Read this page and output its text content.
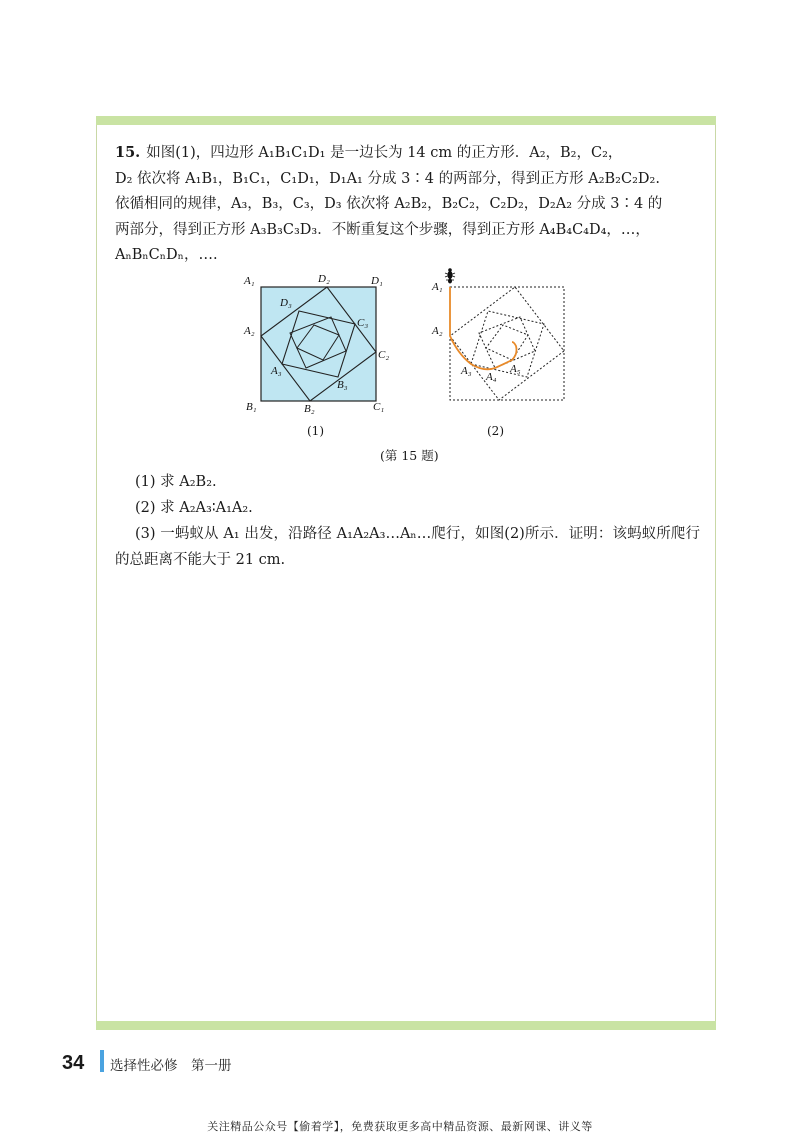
15. 如图(1)，四边形 A₁B₁C₁D₁ 是一边长为 14 cm 的正方形．A₂，B₂，C₂，
D₂ 依次将 A₁B₁，B₁C₁，C₁D₁，D₁A₁ 分成 3∶4 的两部分，得到正方形 A₂B₂C₂D₂.
依循相同的规律，A₃，B₃，C₃，D₃ 依次将 A₂B₂，B₂C₂，C₂D₂，D₂A₂ 分成 3∶4 的
两部分，得到正方形 A₃B₃C₃D₃．不断重复这个步骤，得到正方形 A₄B₄C₄D₄，…，
AₙBₙCₙDₙ，….
A₁	D₂	D₁
D₃
C₃
A₂
C₂
A₃
B₃
B₁	B₂	C₁
(1)
A₁
A₂
A₃ A₄
A₅
(2)
(第 15 题)
(1) 求 A₂B₂.
(2) 求 A₂A₃∶A₁A₂.
(3) 一蚂蚁从 A₁ 出发，沿路径 A₁A₂A₃…Aₙ…爬行，如图(2)所示．证明：该蚂蚁所爬行的总距离不能大于 21 cm.
34 选择性必修　第一册
关注精品公众号【偷着学】，免费获取更多高中精品资源、最新网课、讲义等
